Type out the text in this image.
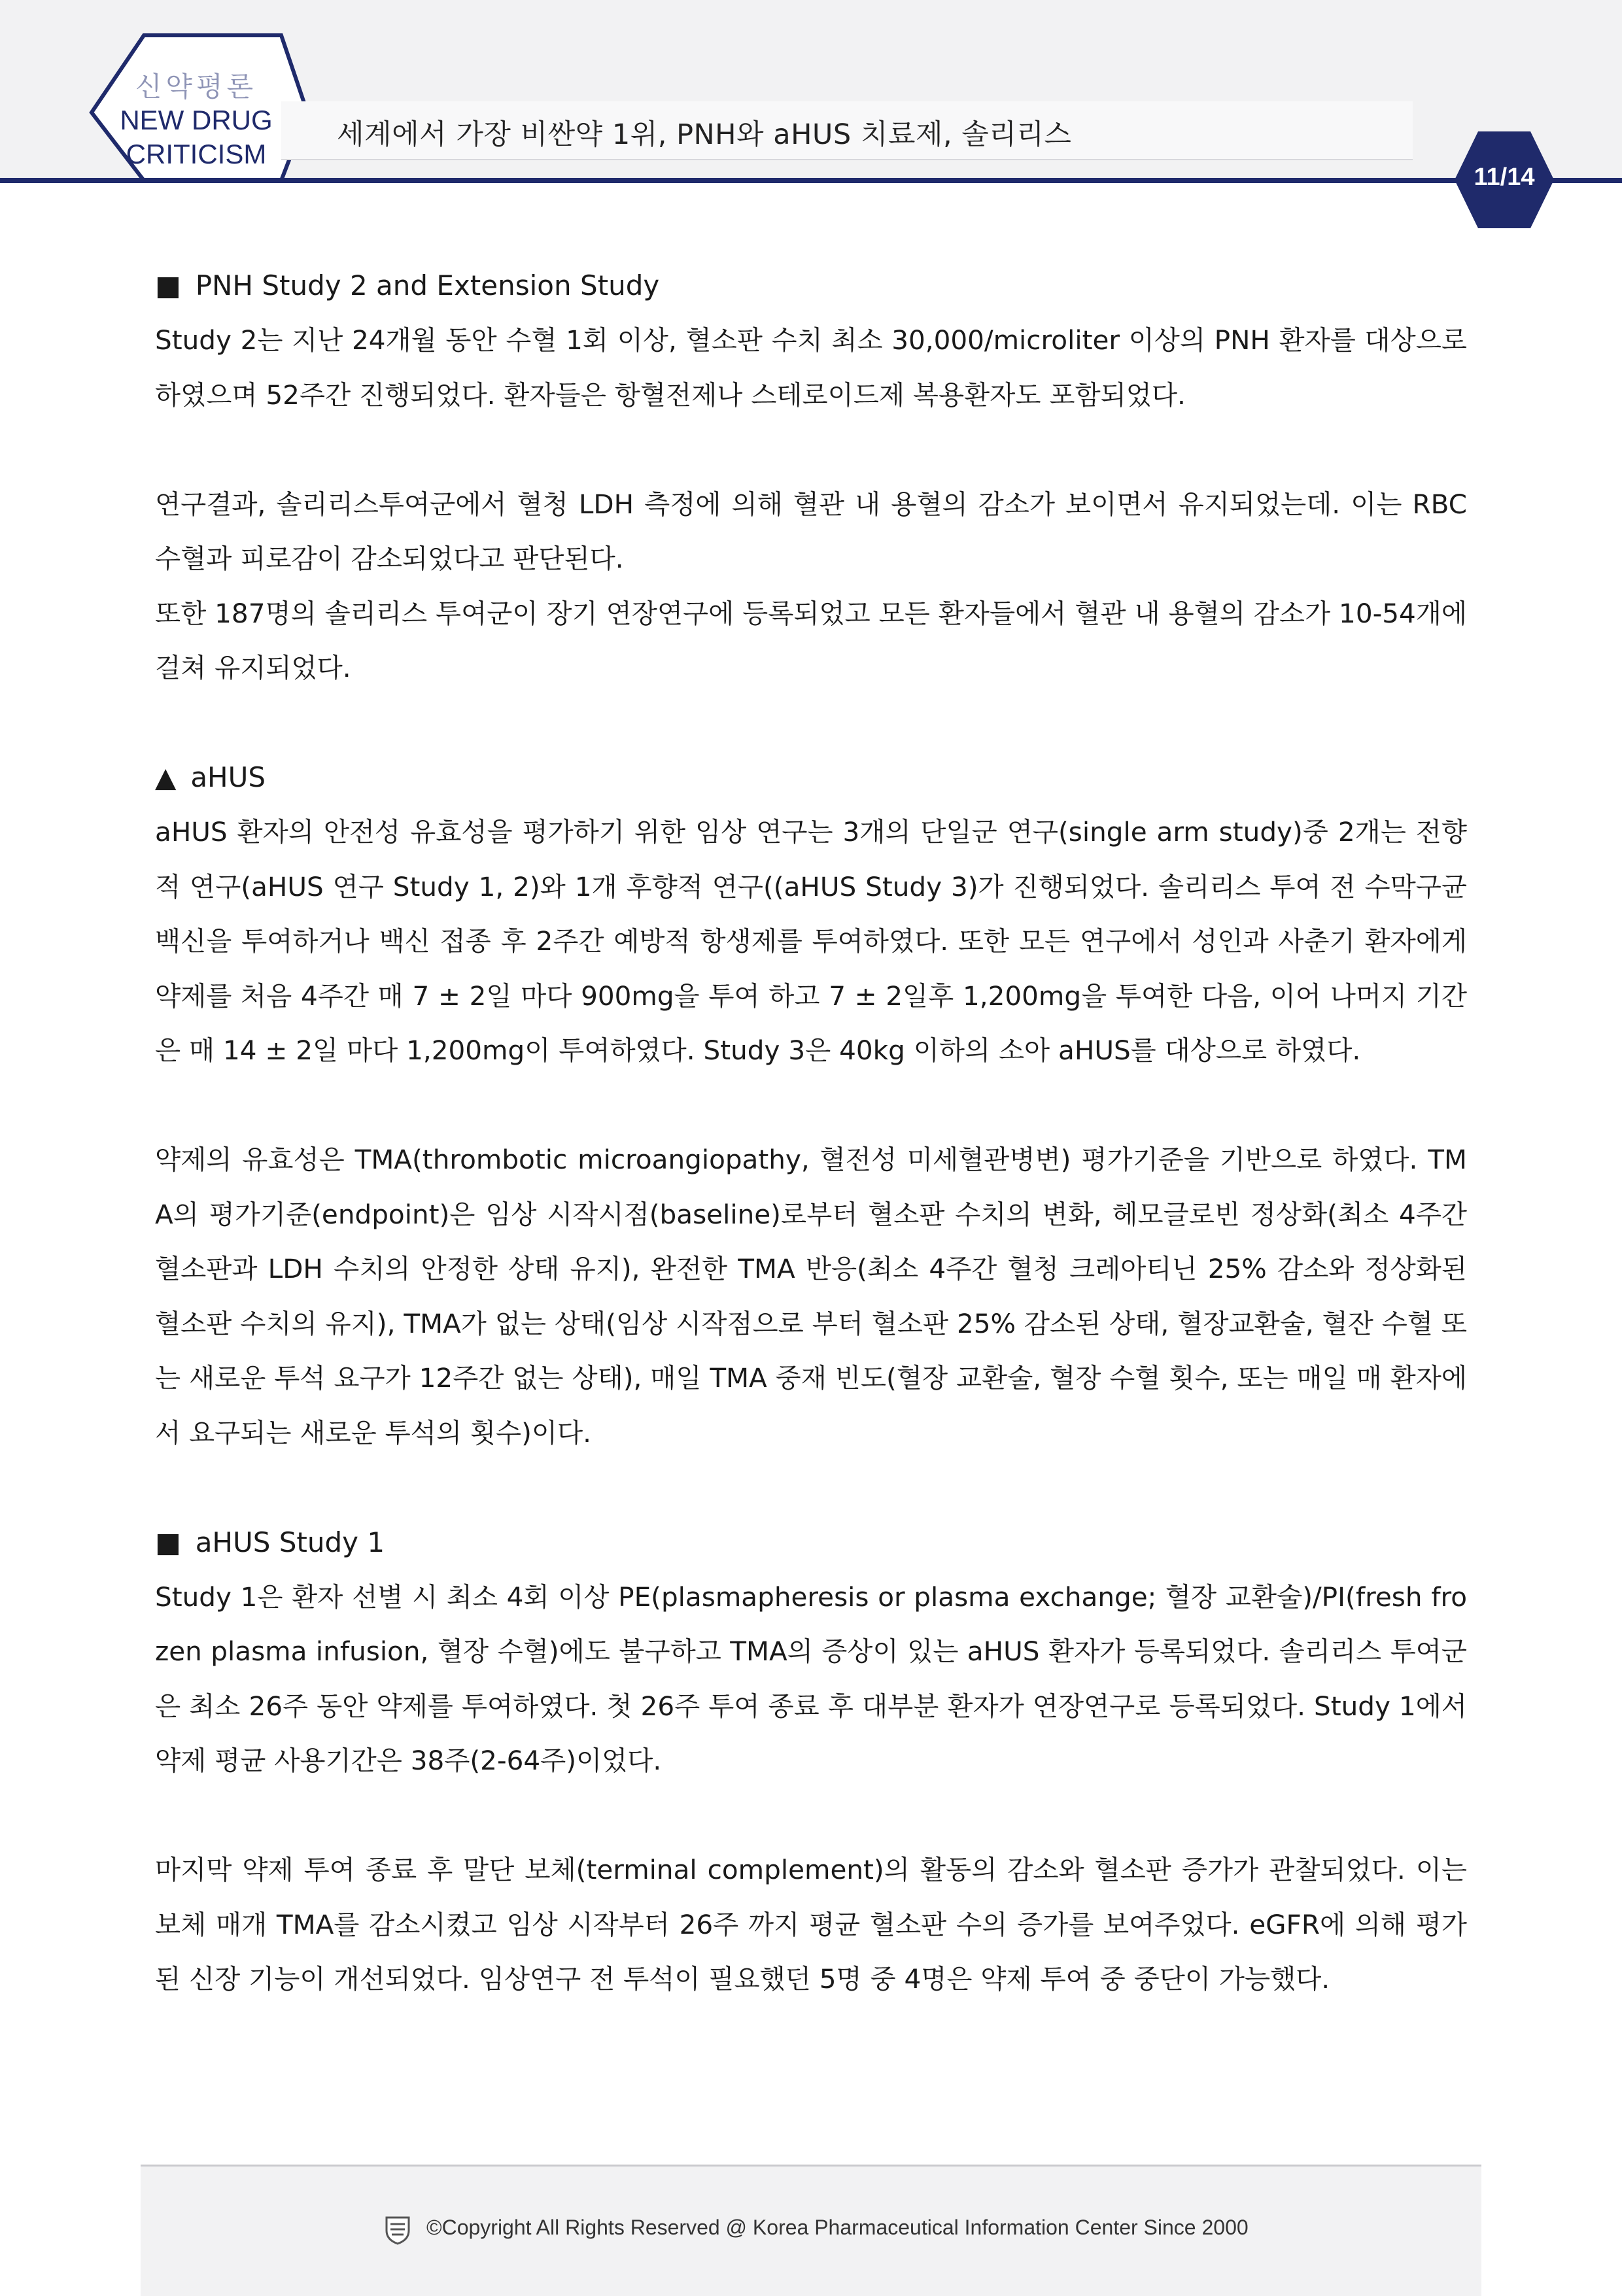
신약평론
NEW DRUG
CRITICISM
세계에서 가장 비싼약 1위, PNH와 aHUS 치료제, 솔리리스
11/14

■ PNH Study 2 and Extension Study

Study 2는 지난 24개월 동안 수혈 1회 이상, 혈소판 수치 최소 30,000/microliter 이상의 PNH 환자를 대상으로 하였으며 52주간 진행되었다. 환자들은 항혈전제나 스테로이드제 복용환자도 포함되었다.

연구결과, 솔리리스투여군에서 혈청 LDH 측정에 의해 혈관 내 용혈의 감소가 보이면서 유지되었는데. 이는 RBC 수혈과 피로감이 감소되었다고 판단된다.

또한 187명의 솔리리스 투여군이 장기 연장연구에 등록되었고 모든 환자들에서 혈관 내 용혈의 감소가 10-54개에 걸쳐 유지되었다.

▲ aHUS

aHUS 환자의 안전성 유효성을 평가하기 위한 임상 연구는 3개의 단일군 연구(single arm study)중 2개는 전향적 연구(aHUS 연구 Study 1, 2)와 1개 후향적 연구((aHUS Study 3)가 진행되었다. 솔리리스 투여 전 수막구균 백신을 투여하거나 백신 접종 후 2주간 예방적 항생제를 투여하였다. 또한 모든 연구에서 성인과 사춘기 환자에게 약제를 처음 4주간 매 7 ± 2일 마다 900mg을 투여 하고 7 ± 2일후 1,200mg을 투여한 다음, 이어 나머지 기간은 매 14 ± 2일 마다 1,200mg이 투여하였다. Study 3은 40kg 이하의 소아 aHUS를 대상으로 하였다.

약제의 유효성은 TMA(thrombotic microangiopathy, 혈전성 미세혈관병변) 평가기준을 기반으로 하였다. TMA의 평가기준(endpoint)은 임상 시작시점(baseline)로부터 혈소판 수치의 변화, 헤모글로빈 정상화(최소 4주간 혈소판과 LDH 수치의 안정한 상태 유지), 완전한 TMA 반응(최소 4주간 혈청 크레아티닌 25% 감소와 정상화된 혈소판 수치의 유지), TMA가 없는 상태(임상 시작점으로 부터 혈소판 25% 감소된 상태, 혈장교환술, 혈잔 수혈 또는 새로운 투석 요구가 12주간 없는 상태), 매일 TMA 중재 빈도(혈장 교환술, 혈장 수혈 횟수, 또는 매일 매 환자에서 요구되는 새로운 투석의 횟수)이다.

■ aHUS Study 1

Study 1은 환자 선별 시 최소 4회 이상 PE(plasmapheresis or plasma exchange; 혈장 교환술)/PI(fresh frozen plasma infusion, 혈장 수혈)에도 불구하고 TMA의 증상이 있는 aHUS 환자가 등록되었다. 솔리리스 투여군은 최소 26주 동안 약제를 투여하였다. 첫 26주 투여 종료 후 대부분 환자가 연장연구로 등록되었다. Study 1에서 약제 평균 사용기간은 38주(2-64주)이었다.

마지막 약제 투여 종료 후 말단 보체(terminal complement)의 활동의 감소와 혈소판 증가가 관찰되었다. 이는 보체 매개 TMA를 감소시켰고 임상 시작부터 26주 까지 평균 혈소판 수의 증가를 보여주었다. eGFR에 의해 평가된 신장 기능이 개선되었다. 임상연구 전 투석이 필요했던 5명 중 4명은 약제 투여 중 중단이 가능했다.

©Copyright All Rights Reserved @ Korea Pharmaceutical Information Center Since 2000
